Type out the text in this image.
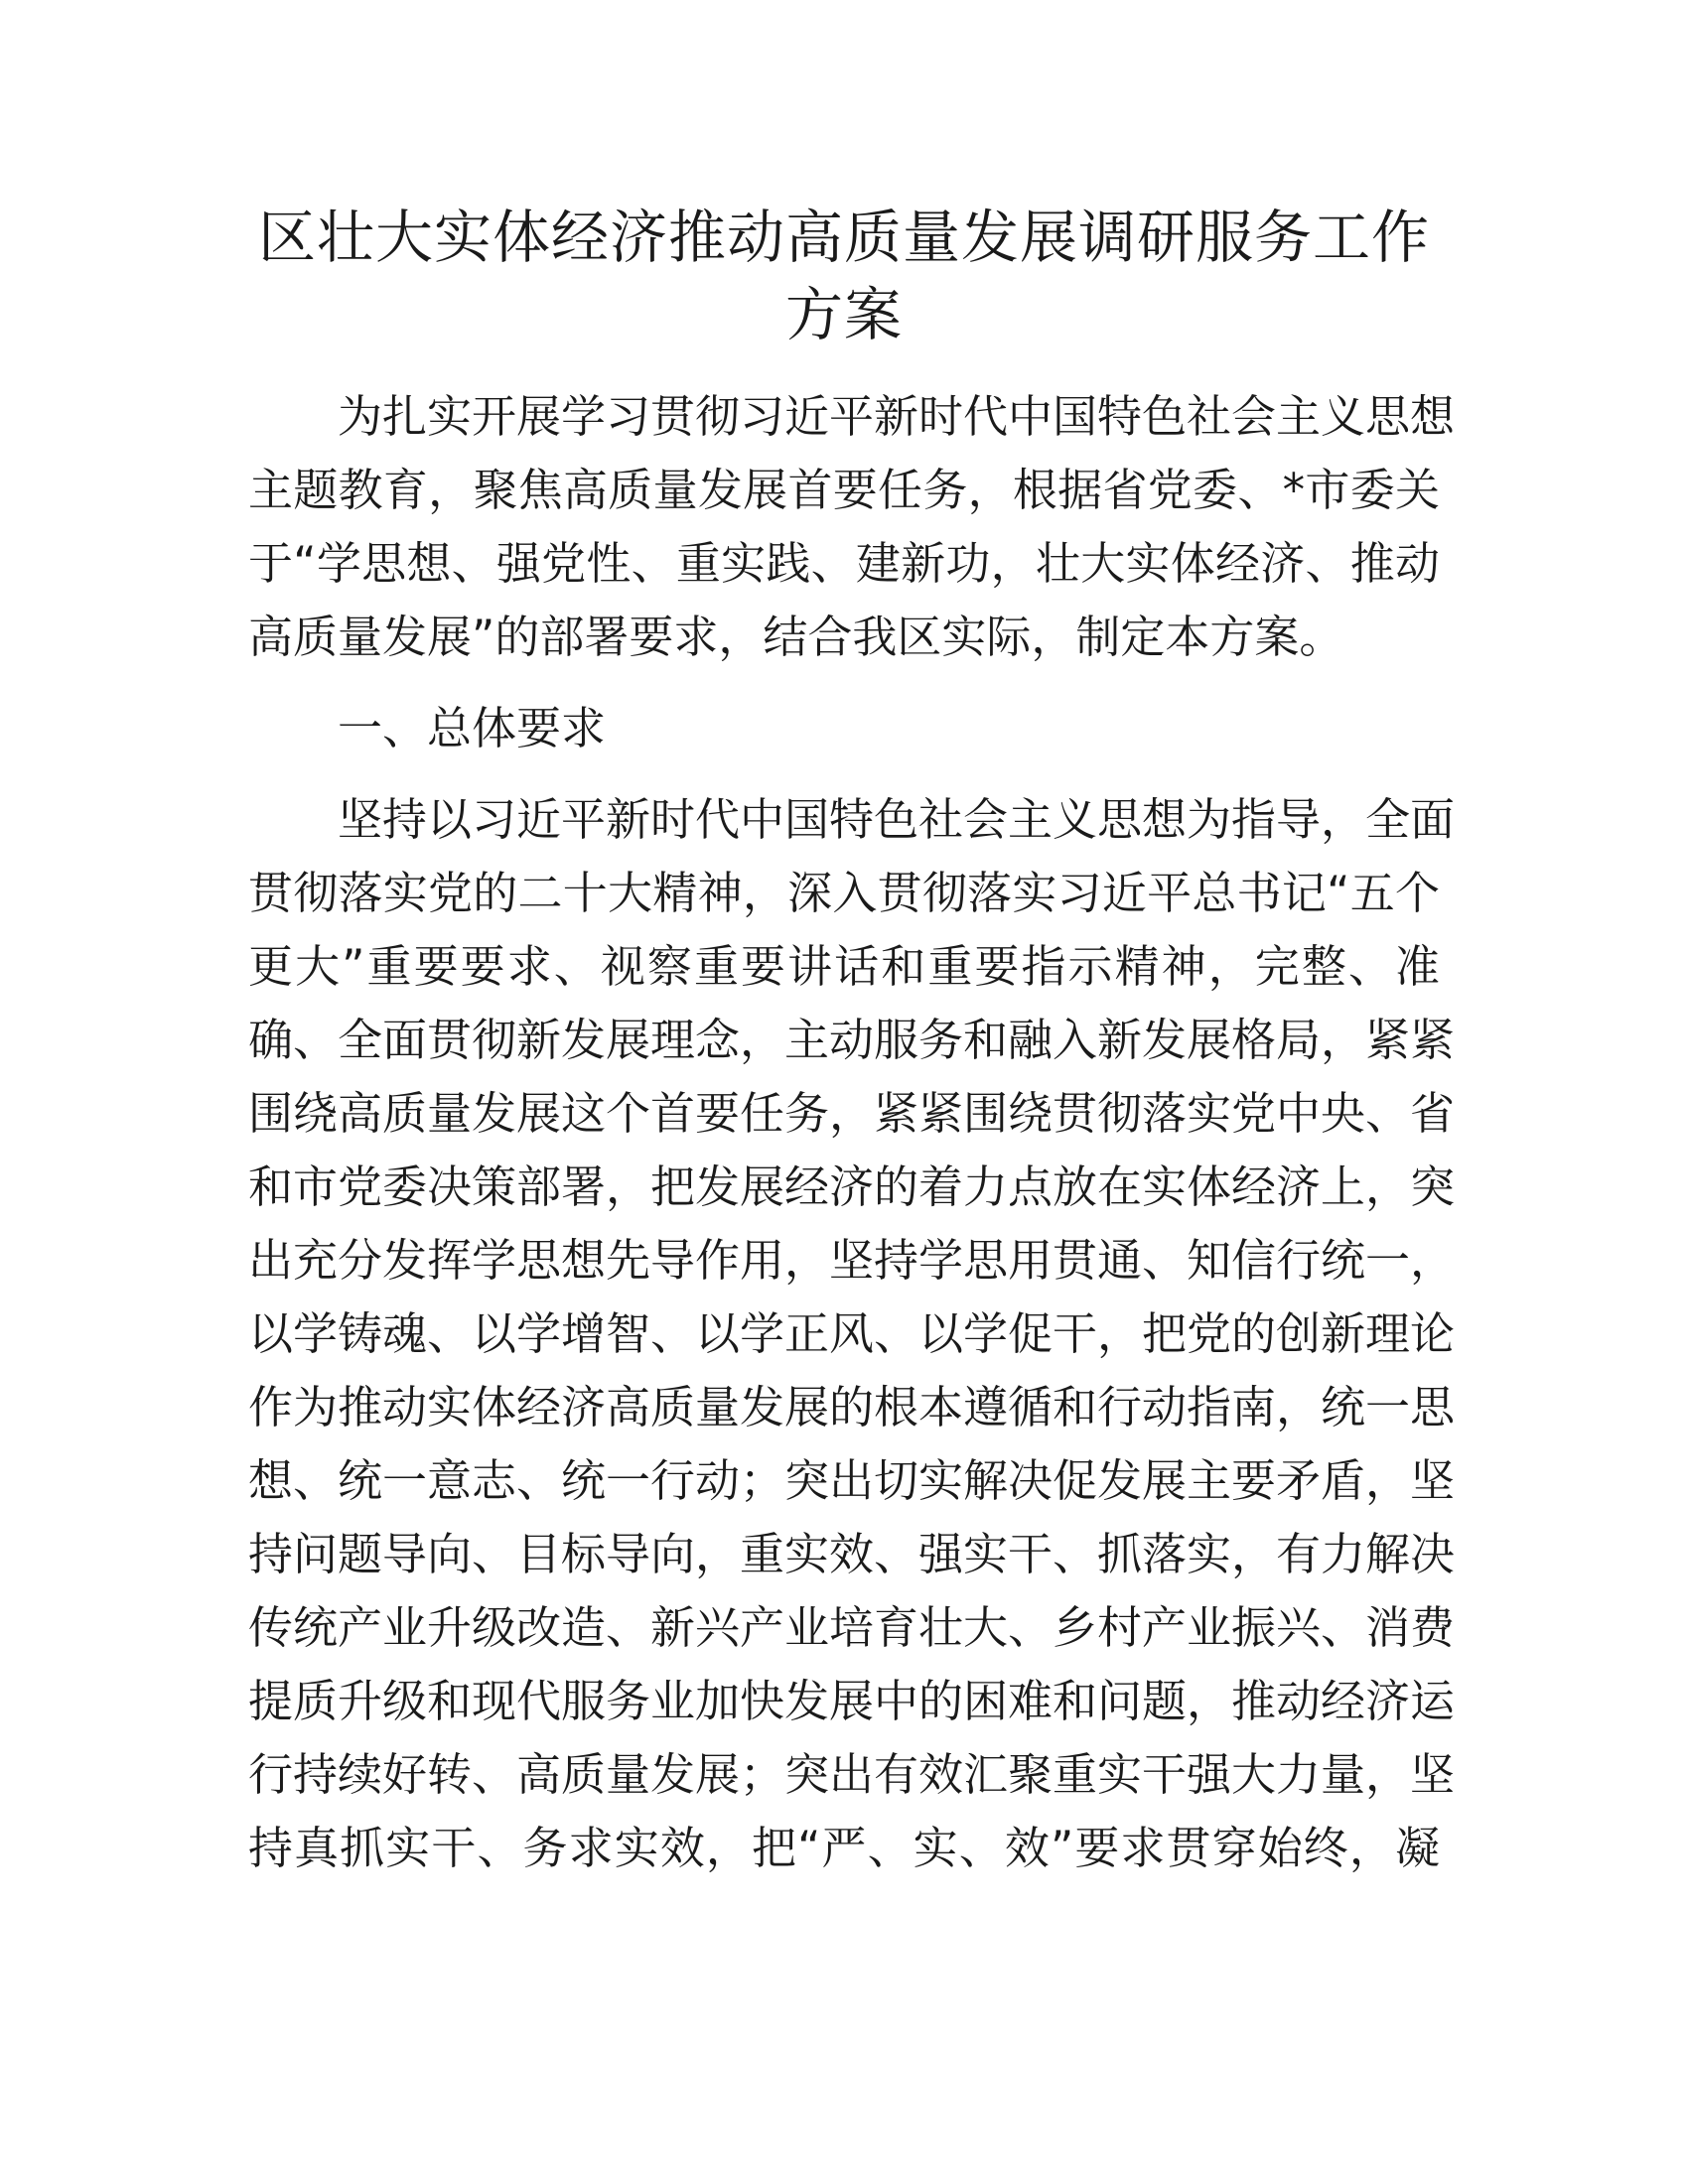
区壮大实体经济推动高质量发展调研服务工作
方案
为扎实开展学习贯彻习近平新时代中国特色社会主义思想
主题教育，聚焦高质量发展首要任务，根据省党委、*市委关
于“学思想、强党性、重实践、建新功，壮大实体经济、推动
高质量发展”的部署要求，结合我区实际，制定本方案。
一、总体要求
坚持以习近平新时代中国特色社会主义思想为指导，全面
贯彻落实党的二十大精神，深入贯彻落实习近平总书记“五个
更大”重要要求、视察重要讲话和重要指示精神，完整、准
确、全面贯彻新发展理念，主动服务和融入新发展格局，紧紧
围绕高质量发展这个首要任务，紧紧围绕贯彻落实党中央、省
和市党委决策部署，把发展经济的着力点放在实体经济上，突
出充分发挥学思想先导作用，坚持学思用贯通、知信行统一，
以学铸魂、以学增智、以学正风、以学促干，把党的创新理论
作为推动实体经济高质量发展的根本遵循和行动指南，统一思
想、统一意志、统一行动；突出切实解决促发展主要矛盾，坚
持问题导向、目标导向，重实效、强实干、抓落实，有力解决
传统产业升级改造、新兴产业培育壮大、乡村产业振兴、消费
提质升级和现代服务业加快发展中的困难和问题，推动经济运
行持续好转、高质量发展；突出有效汇聚重实干强大力量，坚
持真抓实干、务求实效，把“严、实、效”要求贯穿始终，凝
